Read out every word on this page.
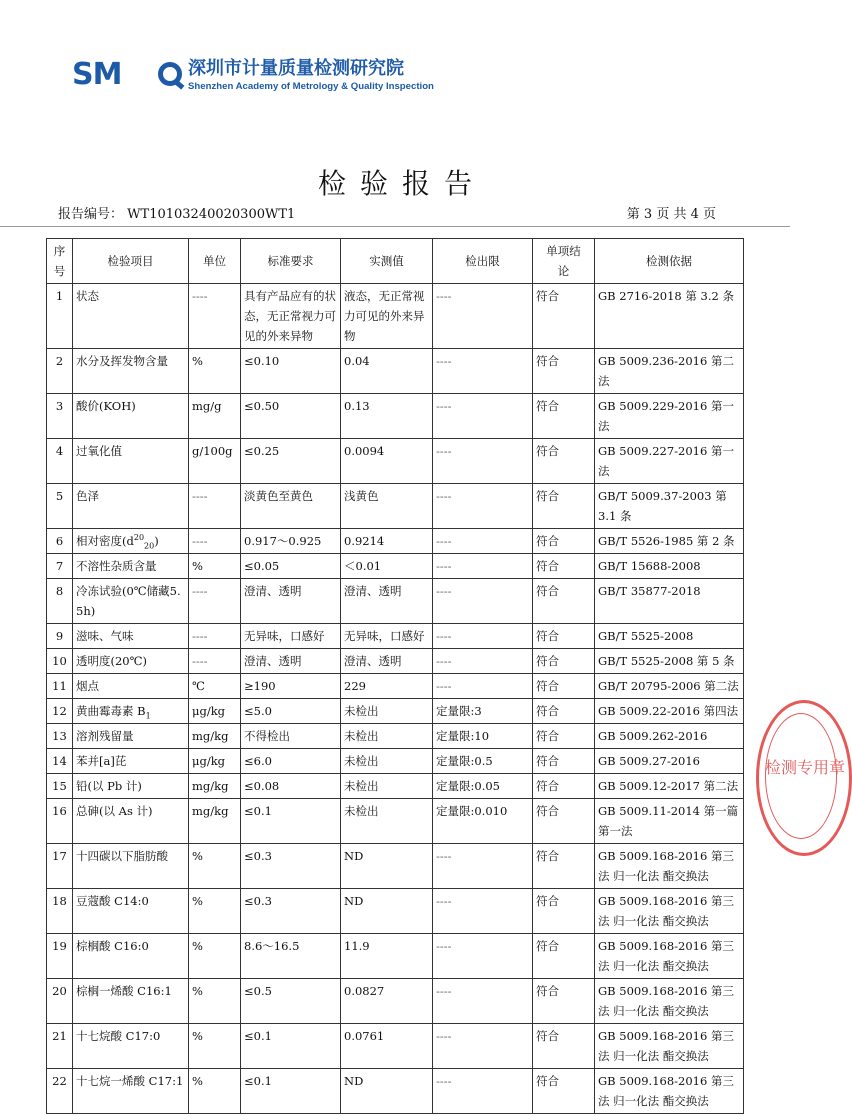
SM	深圳市计量质量检测研究院
Shenzhen Academy of Metrology & Quality Inspection
检验报告
报告编号： WT10103240020300WT1	第 3 页 共 4 页
序号	检验项目	单位	标准要求	实测值	检出限	单项结论	检测依据
1	状态	----	具有产品应有的状态，无正常视力可见的外来异物	液态，无正常视力可见的外来异物	----	符合	GB 2716-2018 第 3.2 条
2	水分及挥发物含量	%	≤0.10	0.04	----	符合	GB 5009.236-2016 第二法
3	酸价(KOH)	mg/g	≤0.50	0.13	----	符合	GB 5009.229-2016 第一法
4	过氧化值	g/100g	≤0.25	0.0094	----	符合	GB 5009.227-2016 第一法
5	色泽	----	淡黄色至黄色	浅黄色	----	符合	GB/T 5009.37-2003 第 3.1 条
6	相对密度$(d^{20}_{20})$	----	0.917～0.925	0.9214	----	符合	GB/T 5526-1985 第 2 条
7	不溶性杂质含量	%	≤0.05	＜0.01	----	符合	GB/T 15688-2008
8	冷冻试验(0℃储藏5.5h)	----	澄清、透明	澄清、透明	----	符合	GB/T 35877-2018
9	滋味、气味	----	无异味，口感好	无异味，口感好	----	符合	GB/T 5525-2008
10	透明度(20℃)	----	澄清、透明	澄清、透明	----	符合	GB/T 5525-2008 第 5 条
11	烟点	℃	≥190	229	----	符合	GB/T 20795-2006 第二法
12	黄曲霉毒素 $B_1$	μg/kg	≤5.0	未检出	定量限:3	符合	GB 5009.22-2016 第四法
13	溶剂残留量	mg/kg	不得检出	未检出	定量限:10	符合	GB 5009.262-2016
14	苯并[a]芘	μg/kg	≤6.0	未检出	定量限:0.5	符合	GB 5009.27-2016
15	铅(以 Pb 计)	mg/kg	≤0.08	未检出	定量限:0.05	符合	GB 5009.12-2017 第二法
16	总砷(以 As 计)	mg/kg	≤0.1	未检出	定量限:0.010	符合	GB 5009.11-2014 第一篇 第一法
17	十四碳以下脂肪酸	%	≤0.3	ND	----	符合	GB 5009.168-2016 第三法 归一化法 酯交换法
18	豆蔻酸 C14:0	%	≤0.3	ND	----	符合	GB 5009.168-2016 第三法 归一化法 酯交换法
19	棕榈酸 C16:0	%	8.6～16.5	11.9	----	符合	GB 5009.168-2016 第三法 归一化法 酯交换法
20	棕榈一烯酸 C16:1	%	≤0.5	0.0827	----	符合	GB 5009.168-2016 第三法 归一化法 酯交换法
21	十七烷酸 C17:0	%	≤0.1	0.0761	----	符合	GB 5009.168-2016 第三法 归一化法 酯交换法
22	十七烷一烯酸 C17:1	%	≤0.1	ND	----	符合	GB 5009.168-2016 第三法 归一化法 酯交换法
检测专用章
